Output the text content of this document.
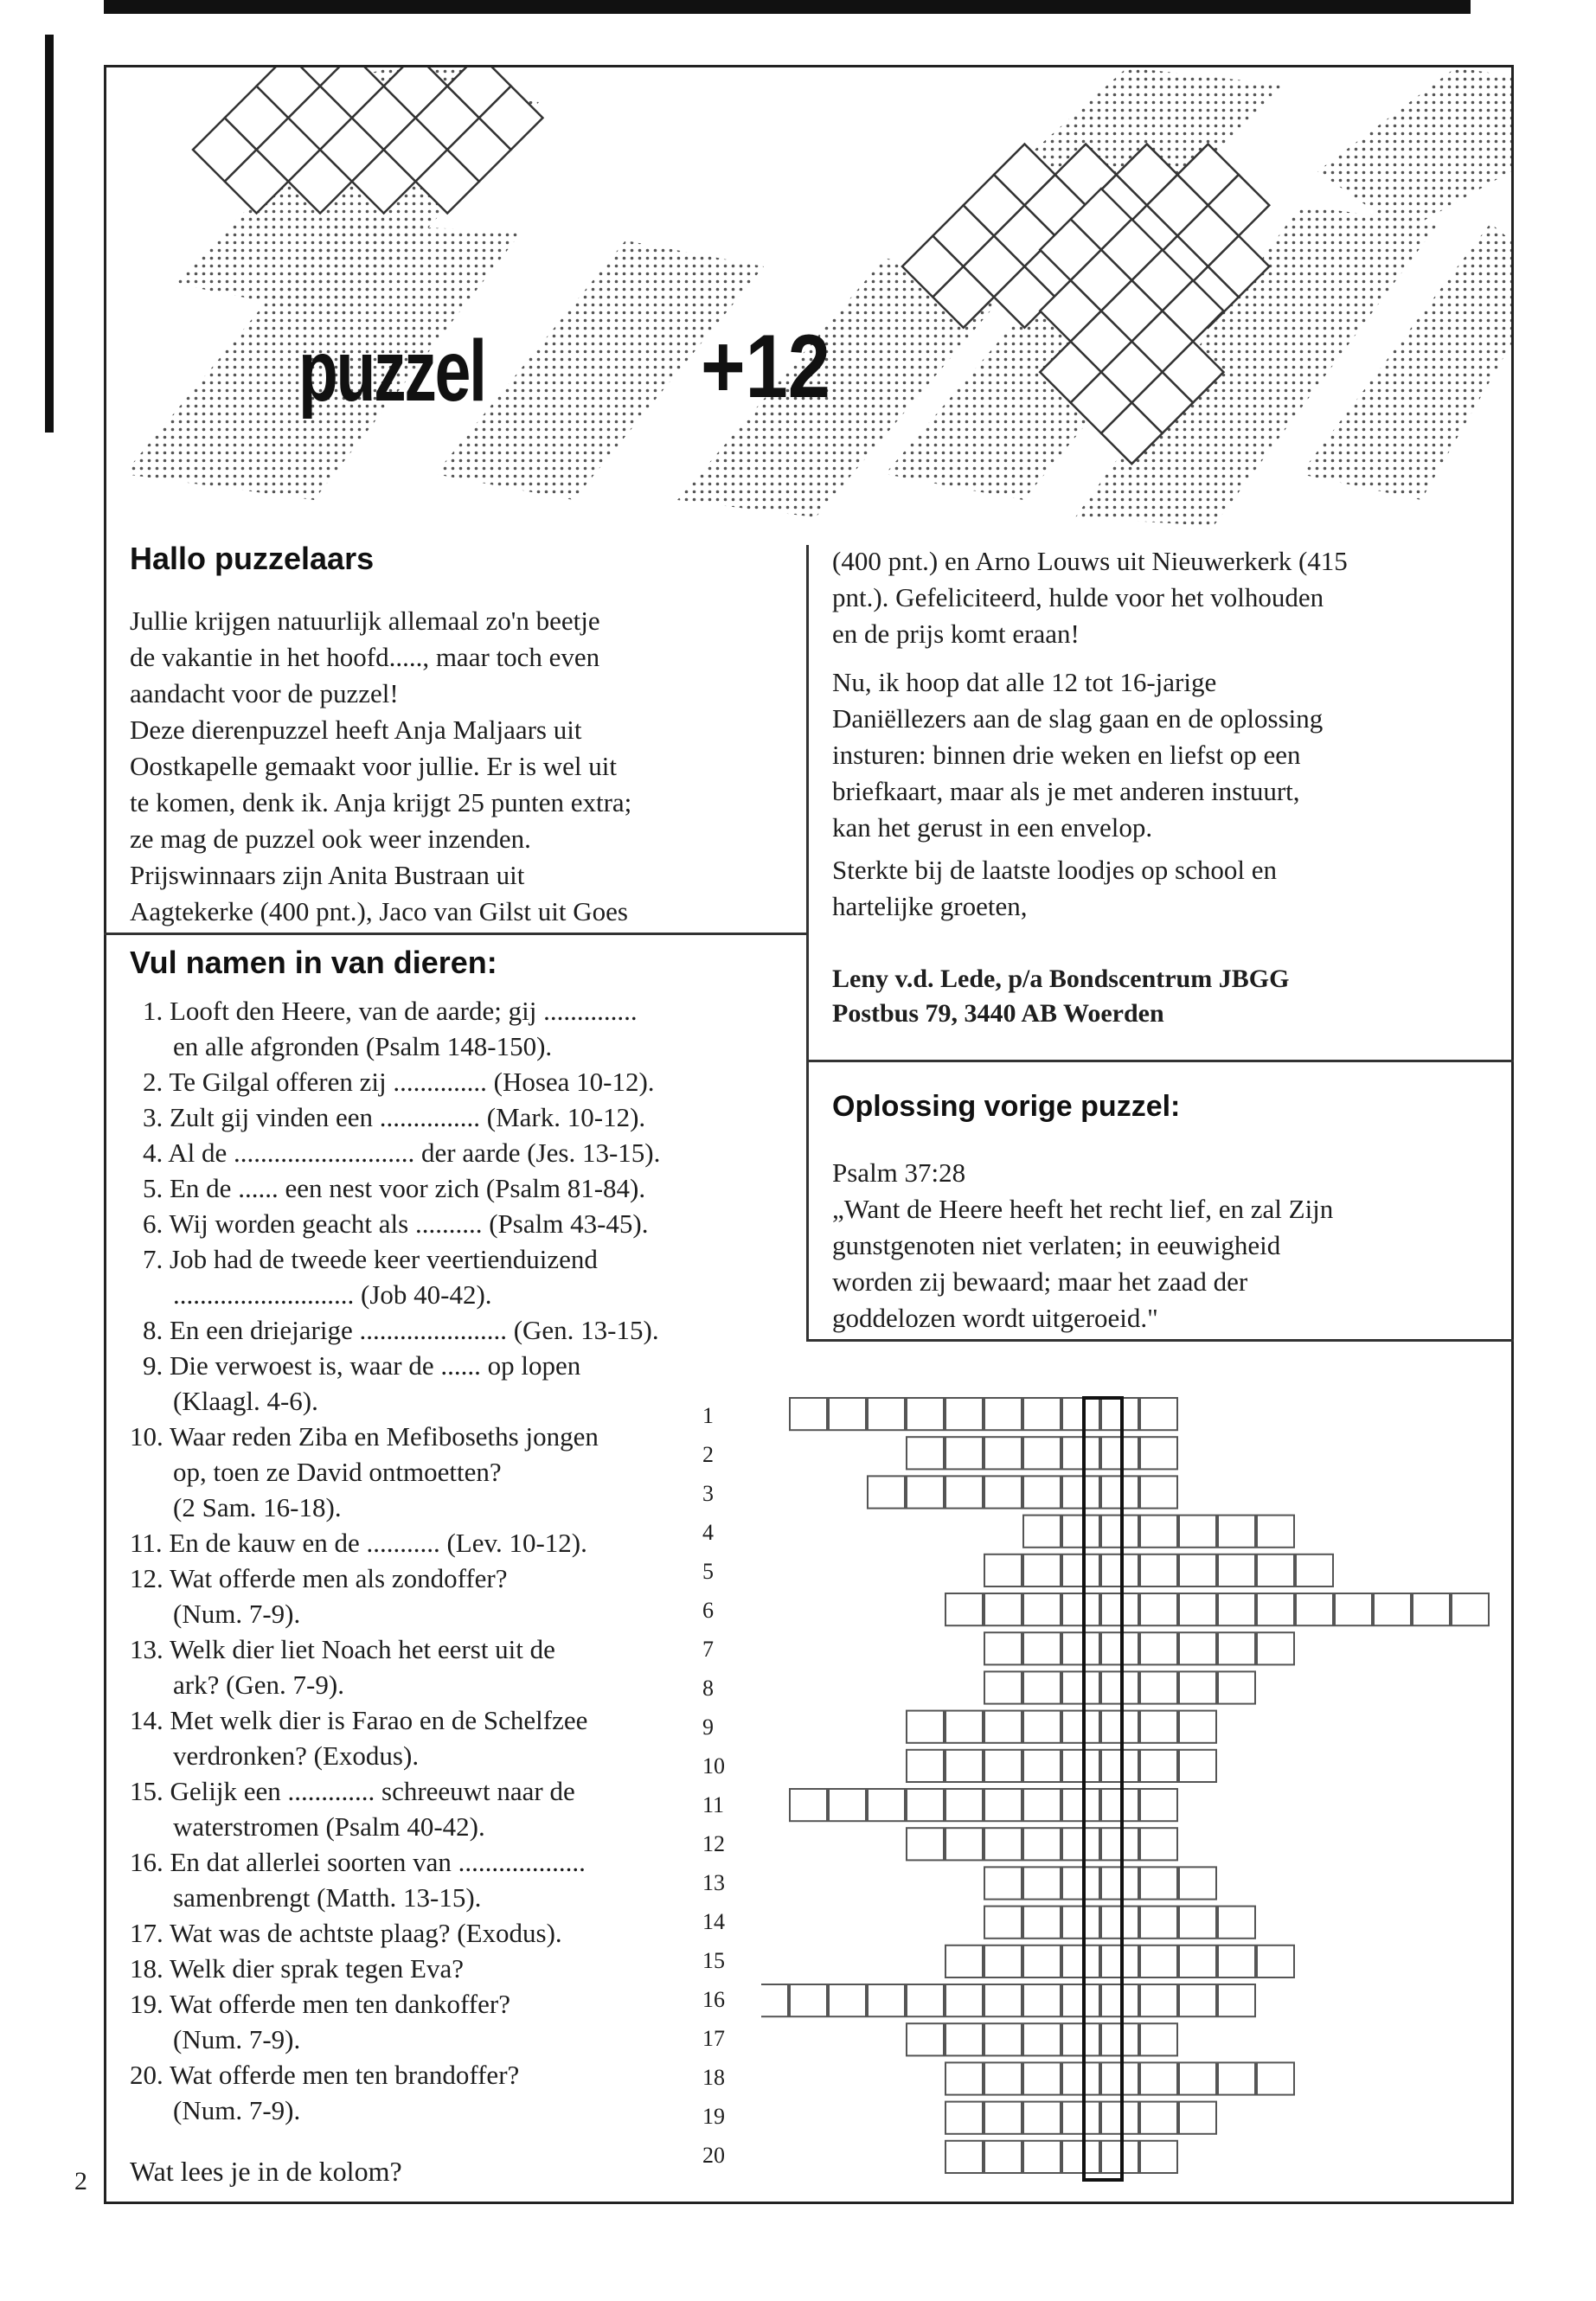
puzzel +12
Hallo puzzelaars
Jullie krijgen natuurlijk allemaal zo'n beetje
de vakantie in het hoofd....., maar toch even
aandacht voor de puzzel!
Deze dierenpuzzel heeft Anja Maljaars uit
Oostkapelle gemaakt voor jullie. Er is wel uit
te komen, denk ik. Anja krijgt 25 punten extra;
ze mag de puzzel ook weer inzenden.
Prijswinnaars zijn Anita Bustraan uit
Aagtekerke (400 pnt.), Jaco van Gilst uit Goes
(400 pnt.) en Arno Louws uit Nieuwerkerk (415
pnt.). Gefeliciteerd, hulde voor het volhouden
en de prijs komt eraan!
Nu, ik hoop dat alle 12 tot 16-jarige
Daniëllezers aan de slag gaan en de oplossing
insturen: binnen drie weken en liefst op een
briefkaart, maar als je met anderen instuurt,
kan het gerust in een envelop.
Sterkte bij de laatste loodjes op school en
hartelijke groeten,
Leny v.d. Lede, p/a Bondscentrum JBGG
Postbus 79, 3440 AB Woerden
Vul namen in van dieren:
1. Looft den Heere, van de aarde; gij ..............
en alle afgronden (Psalm 148-150).
2. Te Gilgal offeren zij .............. (Hosea 10-12).
3. Zult gij vinden een ............... (Mark. 10-12).
4. Al de ........................... der aarde (Jes. 13-15).
5. En de ...... een nest voor zich (Psalm 81-84).
6. Wij worden geacht als .......... (Psalm 43-45).
7. Job had de tweede keer veertienduizend
........................... (Job 40-42).
8. En een driejarige ...................... (Gen. 13-15).
9. Die verwoest is, waar de ...... op lopen
(Klaagl. 4-6).
10. Waar reden Ziba en Mefiboseths jongen
op, toen ze David ontmoetten?
(2 Sam. 16-18).
11. En de kauw en de ........... (Lev. 10-12).
12. Wat offerde men als zondoffer?
(Num. 7-9).
13. Welk dier liet Noach het eerst uit de
ark? (Gen. 7-9).
14. Met welk dier is Farao en de Schelfzee
verdronken? (Exodus).
15. Gelijk een ............. schreeuwt naar de
waterstromen (Psalm 40-42).
16. En dat allerlei soorten van ...................
samenbrengt (Matth. 13-15).
17. Wat was de achtste plaag? (Exodus).
18. Welk dier sprak tegen Eva?
19. Wat offerde men ten dankoffer?
(Num. 7-9).
20. Wat offerde men ten brandoffer?
(Num. 7-9).
Wat lees je in de kolom?
1
2
3
4
5
6
7
8
9
10
11
12
13
14
15
16
17
18
19
20
Oplossing vorige puzzel:
Psalm 37:28
„Want de Heere heeft het recht lief, en zal Zijn
gunstgenoten niet verlaten; in eeuwigheid
worden zij bewaard; maar het zaad der
goddelozen wordt uitgeroeid."
2
